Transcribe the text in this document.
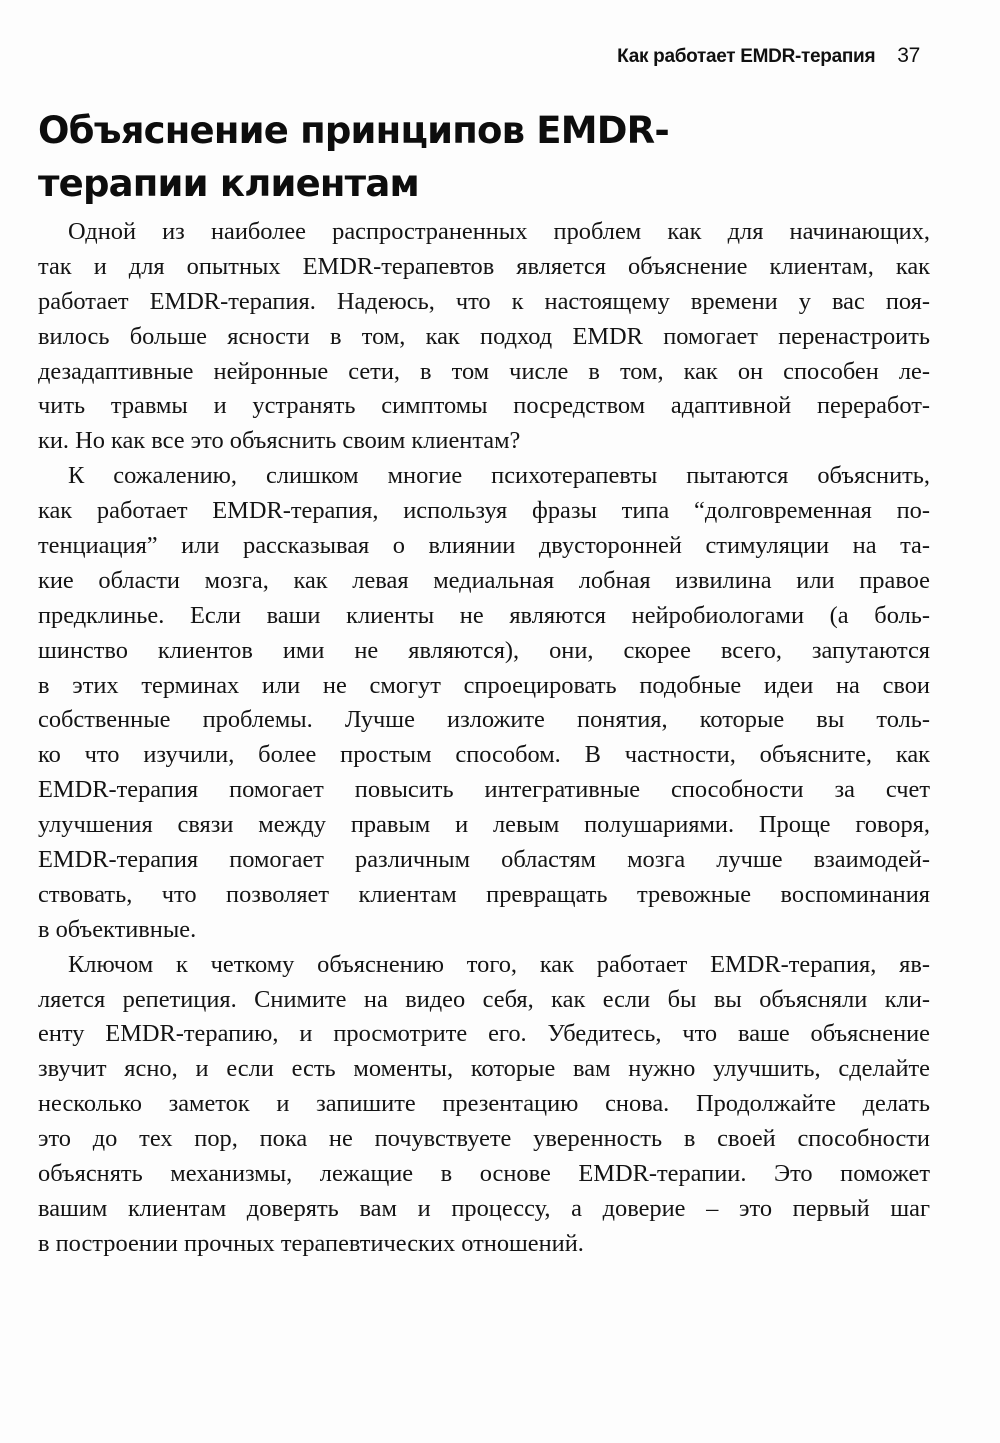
Как работает EMDR-терапия 37
Объяснение принципов EMDR-
терапии клиентам
Одной из наиболее распространенных проблем как для начинающих,
так и для опытных EMDR-терапевтов является объяснение клиентам, как
работает EMDR-терапия. Надеюсь, что к настоящему времени у вас поя-
вилось больше ясности в том, как подход EMDR помогает перенастроить
дезадаптивные нейронные сети, в том числе в том, как он способен ле-
чить травмы и устранять симптомы посредством адаптивной переработ-
ки. Но как все это объяснить своим клиентам?
К сожалению, слишком многие психотерапевты пытаются объяснить,
как работает EMDR-терапия, используя фразы типа “долговременная по-
тенциация” или рассказывая о влиянии двусторонней стимуляции на та-
кие области мозга, как левая медиальная лобная извилина или правое
предклинье. Если ваши клиенты не являются нейробиологами (а боль-
шинство клиентов ими не являются), они, скорее всего, запутаются
в этих терминах или не смогут спроецировать подобные идеи на свои
собственные проблемы. Лучше изложите понятия, которые вы толь-
ко что изучили, более простым способом. В частности, объясните, как
EMDR-терапия помогает повысить интегративные способности за счет
улучшения связи между правым и левым полушариями. Проще говоря,
EMDR-терапия помогает различным областям мозга лучше взаимодей-
ствовать, что позволяет клиентам превращать тревожные воспоминания
в объективные.
Ключом к четкому объяснению того, как работает EMDR-терапия, яв-
ляется репетиция. Снимите на видео себя, как если бы вы объясняли кли-
енту EMDR-терапию, и просмотрите его. Убедитесь, что ваше объяснение
звучит ясно, и если есть моменты, которые вам нужно улучшить, сделайте
несколько заметок и запишите презентацию снова. Продолжайте делать
это до тех пор, пока не почувствуете уверенность в своей способности
объяснять механизмы, лежащие в основе EMDR-терапии. Это поможет
вашим клиентам доверять вам и процессу, а доверие – это первый шаг
в построении прочных терапевтических отношений.
